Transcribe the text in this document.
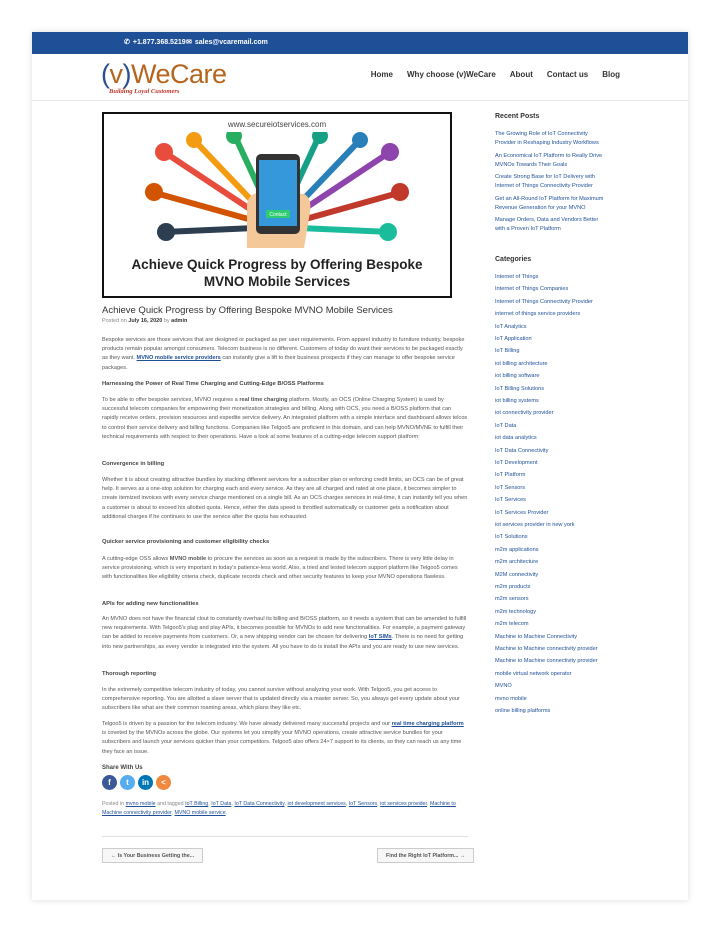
✆ +1.877.368.5219 ✉ sales@vcaremail.com
(v)WeCare
Building Loyal Customers
Home Why choose (v)WeCare About Contact us Blog
www.secureiotservices.com
Contact
Achieve Quick Progress by Offering Bespoke
MVNO Mobile Services
Achieve Quick Progress by Offering Bespoke MVNO Mobile Services
Posted on July 16, 2020 by admin
Bespoke services are those services that are designed or packaged as per user requirements. From apparel industry to furniture industry, bespoke products remain popular amongst consumers. Telecom business is no different. Customers of today do want their services to be packaged exactly as they want. MVNO mobile service providers can instantly give a lift to their business prospects if they can manage to offer bespoke service packages.
Harnessing the Power of Real Time Charging and Cutting-Edge B/OSS Platforms
To be able to offer bespoke services, MVNO requires a real time charging platform. Mostly, an OCS (Online Charging System) is used by successful telecom companies for empowering their monetization strategies and billing. Along with OCS, you need a B/OSS platform that can rapidly receive orders, provision resources and expedite service delivery. An integrated platform with a simple interface and dashboard allows telcos to control their service delivery and billing functions. Companies like Telgoo5 are proficient in this domain, and can help MVNO/MVNE to fulfill their technical requirements with respect to their operations. Have a look at some features of a cutting-edge telecom support platform:
Convergence in billing
Whether it is about creating attractive bundles by stacking different services for a subscriber plan or enforcing credit limits, an OCS can be of great help. It serves as a one-stop solution for charging each and every service. As they are all charged and rated at one place, it becomes simpler to create itemized invoices with every service charge mentioned on a single bill. As an OCS charges services in real-time, it can instantly tell you when a customer is about to exceed his allotted quota. Hence, either the data speed is throttled automatically or customer gets a notification about additional charges if he continues to use the service after the quota has exhausted.
Quicker service provisioning and customer eligibility checks
A cutting-edge OSS allows MVNO mobile to procure the services as soon as a request is made by the subscribers. There is very little delay in service provisioning, which is very important in today's patience-less world. Also, a tried and tested telecom support platform like Telgoo5 comes with functionalities like eligibility criteria check, duplicate records check and other security features to keep your MVNO operations flawless.
APIs for adding new functionalities
An MVNO does not have the financial clout to constantly overhaul its billing and B/OSS platform, so it needs a system that can be amended to fulfill new requirements. With Telgoo5's plug and play APIs, it becomes possible for MVNOs to add new functionalities. For example, a payment gateway can be added to receive payments from customers. Or, a new shipping vendor can be chosen for delivering IoT SIMs. There is no need for getting into new partnerships, as every vendor is integrated into the system. All you have to do is install the APIs and you are ready to use new services.
Thorough reporting
In the extremely competitive telecom industry of today, you cannot survive without analyzing your work. With Telgoo5, you get access to comprehensive reporting. You are allotted a slave server that is updated directly via a master server. So, you always get every update about your subscribers like what are their common roaming areas, which plans they like etc.
Telgoo5 is driven by a passion for the telecom industry. We have already delivered many successful projects and our real time charging platform is coveted by the MVNOs across the globe. Our systems let you simplify your MVNO operations, create attractive service bundles for your subscribers and launch your services quicker than your competitors. Telgoo5 also offers 24×7 support to its clients, so they can reach us any time they face an issue.
Share With Us
f	t	in	<
Posted in mvno mobile and tagged IoT Billing, IoT Data, IoT Data Connectivity, iot development services, IoT Sensors, iot services provider, Machine to Machine connectivity provider, MVNO mobile service.
← Is Your Business Getting the...	Find the Right IoT Platform... →
Recent Posts
The Growing Role of IoT Connectivity
Provider in Reshaping Industry Workflows
An Economical IoT Platform to Really Drive
MVNOs Towards Their Goals
Create Strong Base for IoT Delivery with
Internet of Things Connectivity Provider
Get an All-Round IoT Platform for Maximum
Revenue Generation for your MVNO
Manage Orders, Data and Vendors Better
with a Proven IoT Platform
Categories
Internet of Things
Internet of Things Companies
Internet of Things Connectivity Provider
internet of things service providers
IoT Analytics
IoT Application
IoT Billing
iot billing architecture
iot billing software
IoT Billing Solutions
iot billing systems
iot connectivity provider
IoT Data
iot data analytics
IoT Data Connectivity
IoT Development
IoT Platform
IoT Sensors
IoT Services
IoT Services Provider
iot services provider in new york
IoT Solutions
m2m applications
m2m architecture
M2M connectivity
m2m products
m2m sensors
m2m technology
m2m telecom
Machine to Machine Connectivity
Machine to Machine connectivity provider
Machine to Machine connectivity provider
mobile virtual network operator
MVNO
mvno mobile
online billing platforms
